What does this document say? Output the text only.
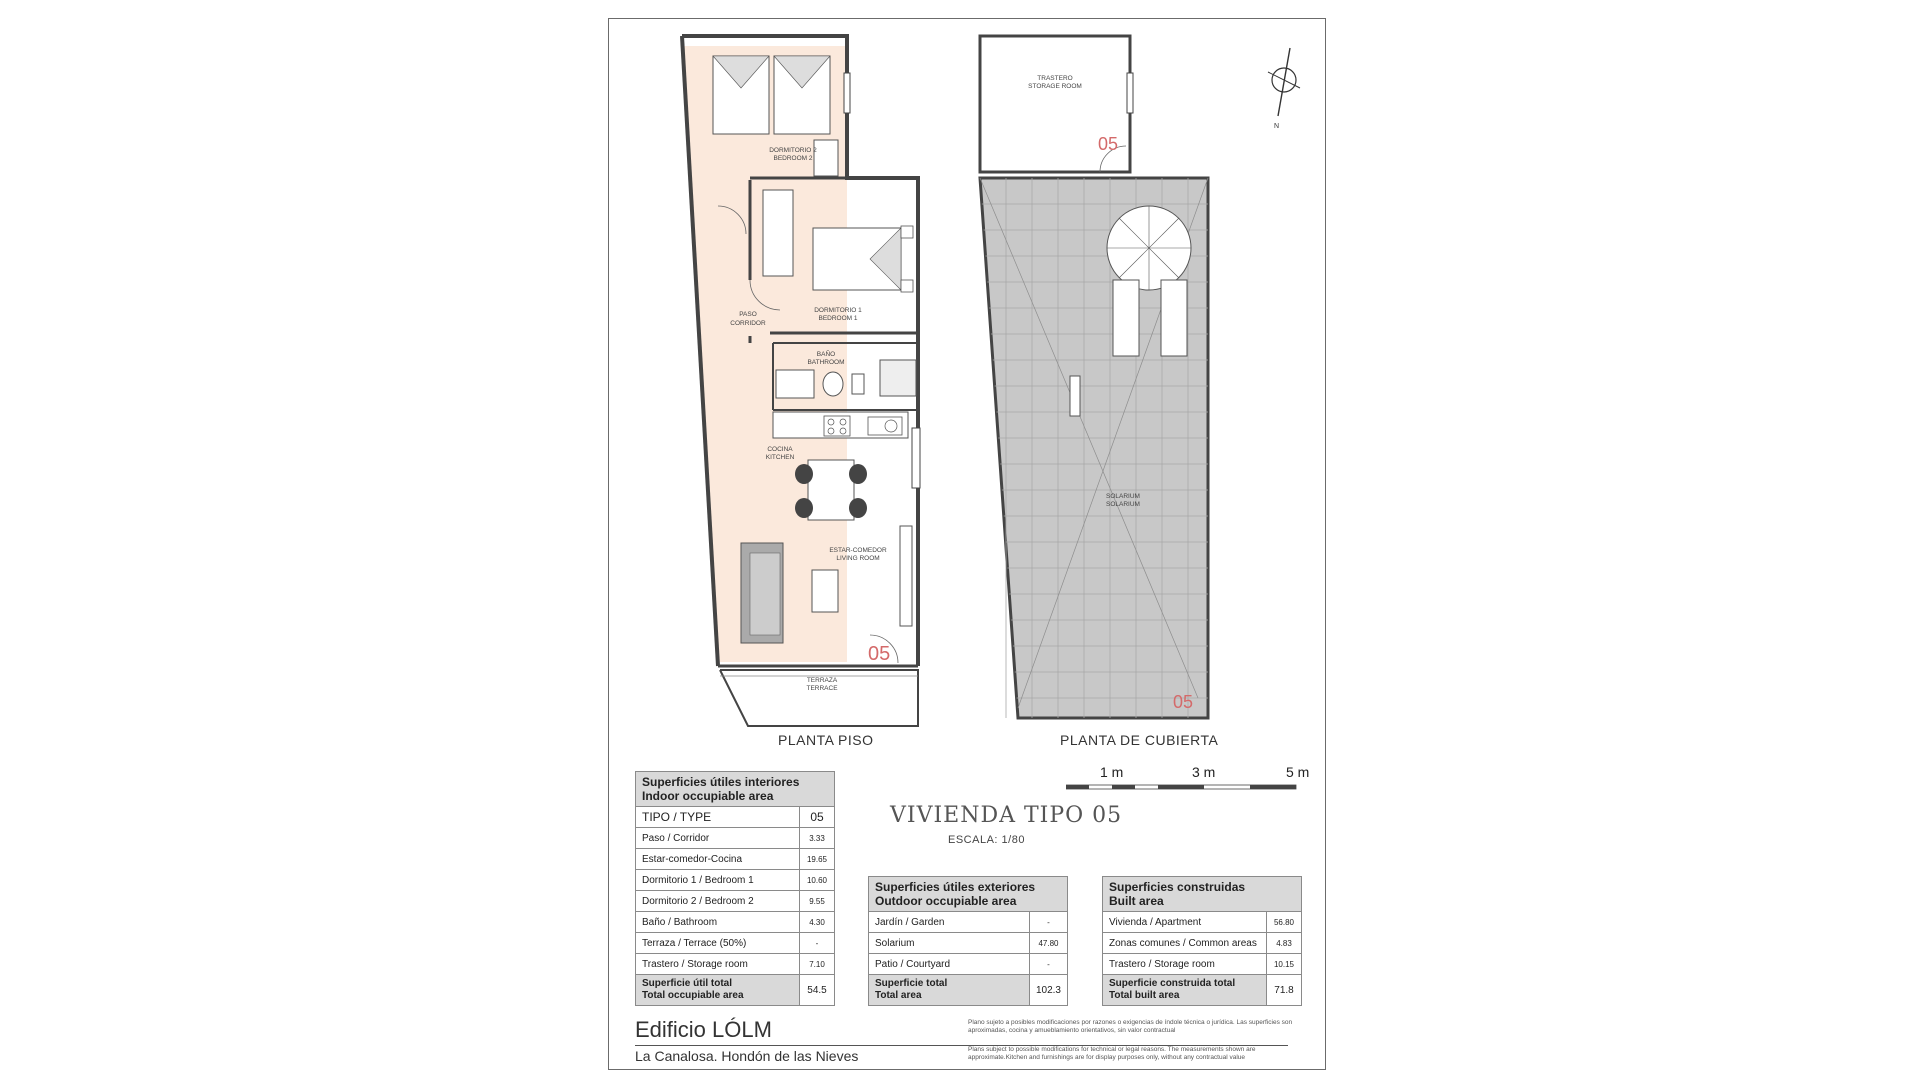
DORMITORIO 2
BEDROOM 2
PASO
CORRIDOR
DORMITORIO 1
BEDROOM 1
BAÑO
BATHROOM
COCINA
KITCHEN
ESTAR-COMEDOR
LIVING ROOM
TERRAZA
TERRACE
TRASTERO
STORAGE ROOM
SOLARIUM
SOLARIUM
05
05
05
N
PLANTA PISO	PLANTA DE CUBIERTA
1 m	3 m	5 m
VIVIENDA TIPO 05
ESCALA: 1/80
Superficies útiles interiores
Indoor occupiable area	

TIPO / TYPE	05
Paso / Corridor	3.33
Estar-comedor-Cocina	19.65
Dormitorio 1 / Bedroom 1	10.60
Dormitorio 2 / Bedroom 2	9.55
Baño / Bathroom	4.30
Terraza / Terrace (50%)	-
Trastero / Storage room	7.10

Superficie útil total
Total occupiable area	54.5
Superficies útiles exteriores
Outdoor occupiable area	

Jardín / Garden	-
Solarium	47.80
Patio / Courtyard	-

Superficie total
Total area	102.3
Superficies construidas
Built area	

Vivienda / Apartment	56.80
Zonas comunes / Common areas	4.83
Trastero / Storage room	10.15

Superficie construida total
Total built area	71.8
Edificio LÓLM
La Canalosa. Hondón de las Nieves
Plano sujeto a posibles modificaciones por razones o exigencias de índole técnica o jurídica. Las superficies son aproximadas, cocina y amueblamiento orientativos, sin valor contractual
Plans subject to possible modifications for technical or legal reasons. The measurements shown are approximate.Kitchen and furnishings are for display purposes only, without any contractual value
